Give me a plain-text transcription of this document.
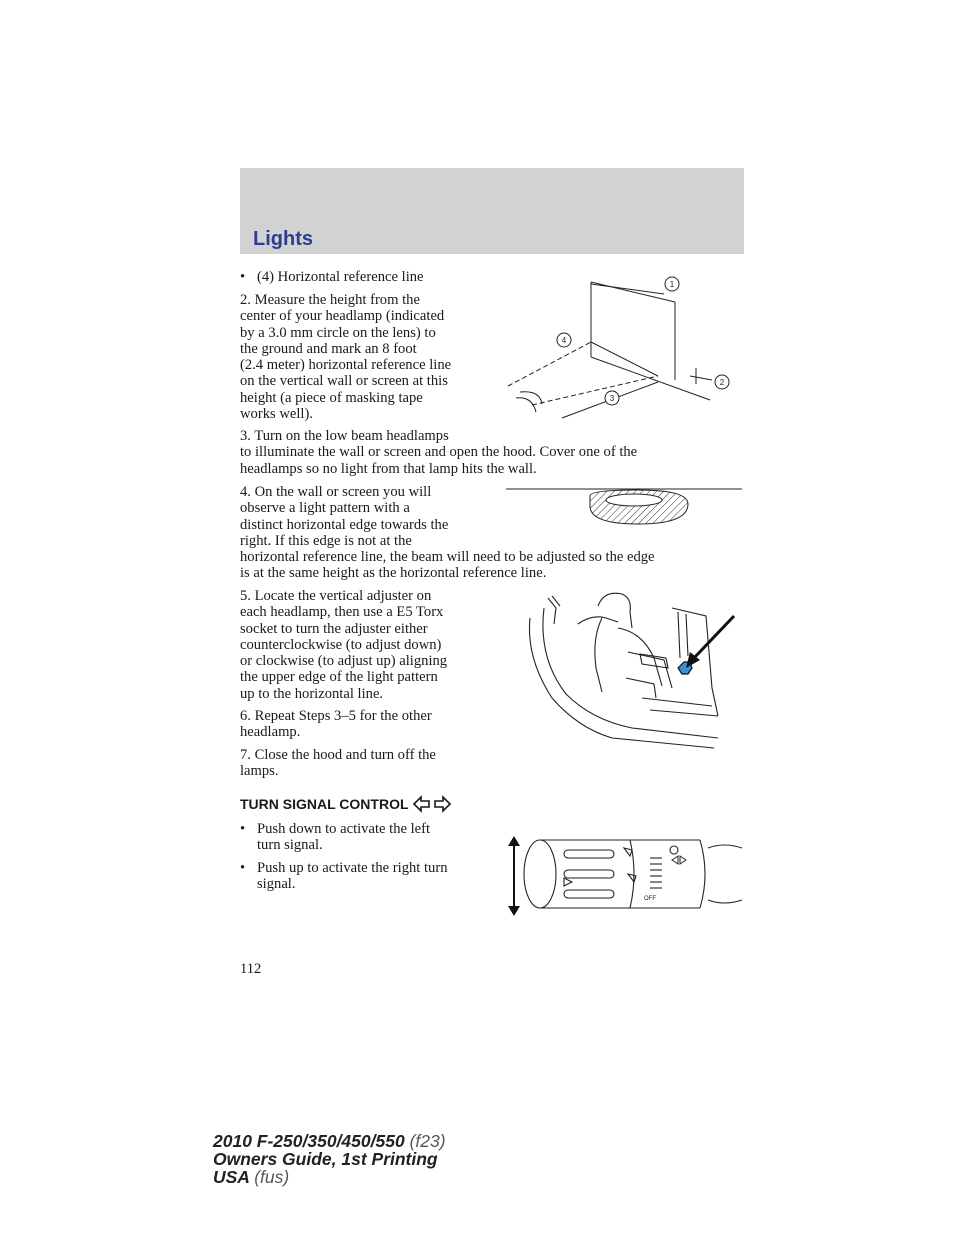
Lights
• (4) Horizontal reference line
2. Measure the height from the
center of your headlamp (indicated
by a 3.0 mm circle on the lens) to
the ground and mark an 8 foot
(2.4 meter) horizontal reference line
on the vertical wall or screen at this
height (a piece of masking tape
works well).
3. Turn on the low beam headlamps
to illuminate the wall or screen and open the hood. Cover one of the
headlamps so no light from that lamp hits the wall.
4. On the wall or screen you will
observe a light pattern with a
distinct horizontal edge towards the
right. If this edge is not at the
horizontal reference line, the beam will need to be adjusted so the edge
is at the same height as the horizontal reference line.
5. Locate the vertical adjuster on
each headlamp, then use a E5 Torx
socket to turn the adjuster either
counterclockwise (to adjust down)
or clockwise (to adjust up) aligning
the upper edge of the light pattern
up to the horizontal line.
6. Repeat Steps 3–5 for the other
headlamp.
7. Close the hood and turn off the
lamps.
TURN SIGNAL CONTROL
• Push down to activate the left
turn signal.
• Push up to activate the right turn
signal.
1
2
3
4
OFF
112
2010 F-250/350/450/550 (f23)
Owners Guide, 1st Printing
USA (fus)
